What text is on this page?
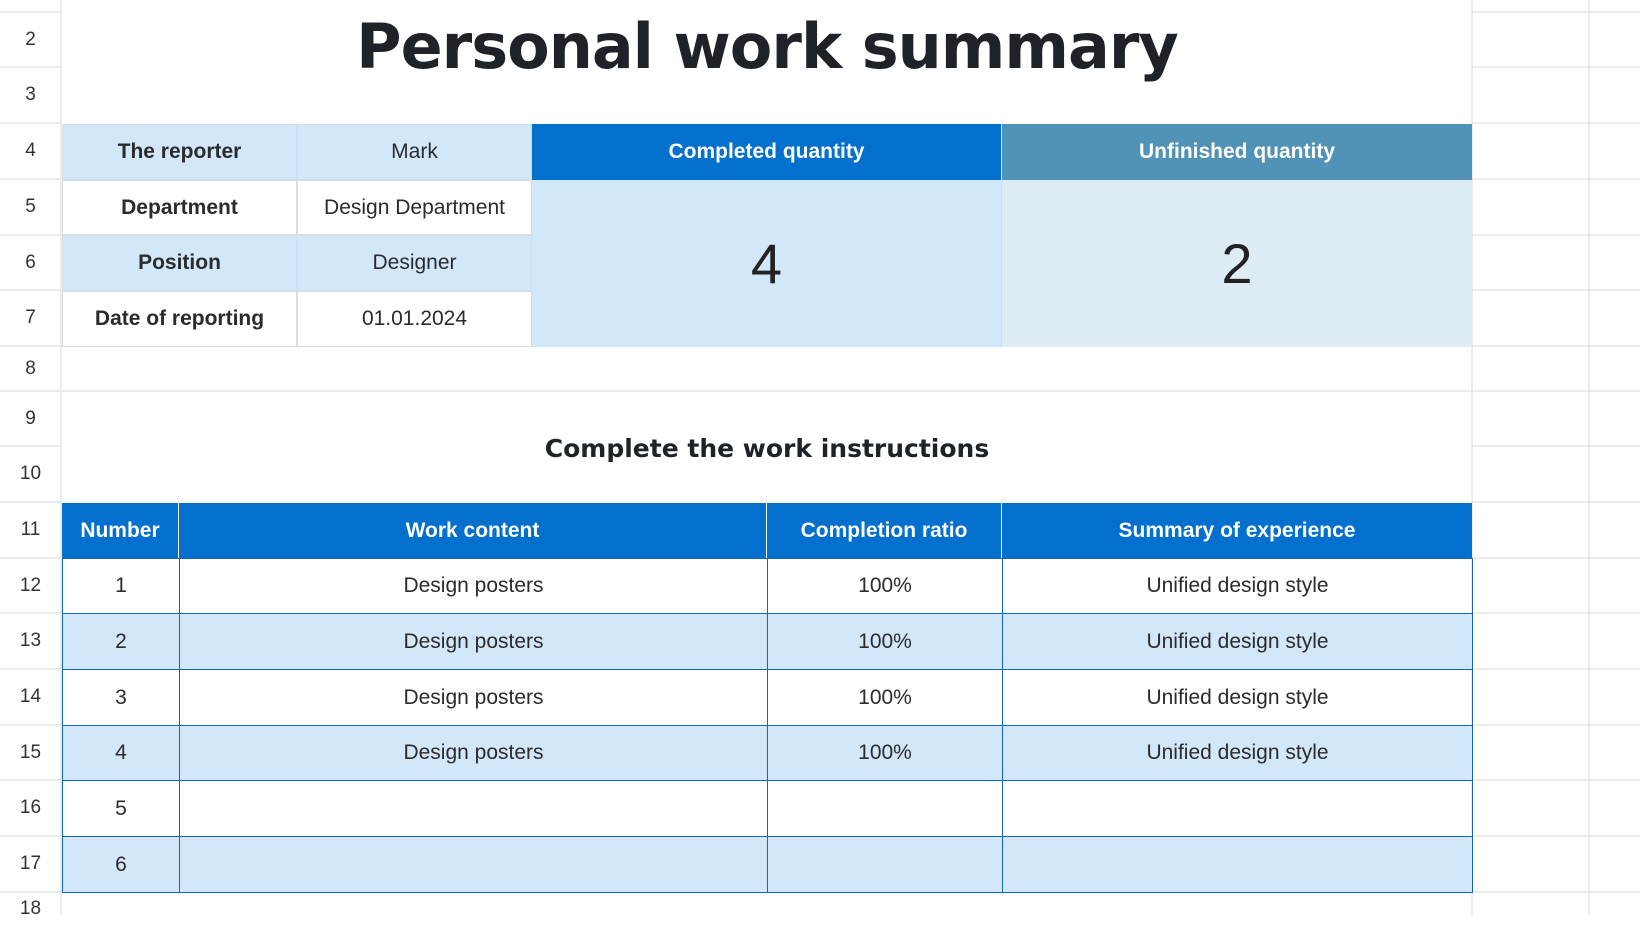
2
3
4
5
6
7
8
9
10
11
12
13
14
15
16
17
18
Personal work summary
The reporter	Mark
Department	Design Department
Position	Designer
Date of reporting	01.01.2024
Completed quantity	Unfinished quantity
4	2
Complete the work instructions
Number	Work content	Completion ratio	Summary of experience
1	Design posters	100%	Unified design style
2	Design posters	100%	Unified design style
3	Design posters	100%	Unified design style
4	Design posters	100%	Unified design style
5
6
